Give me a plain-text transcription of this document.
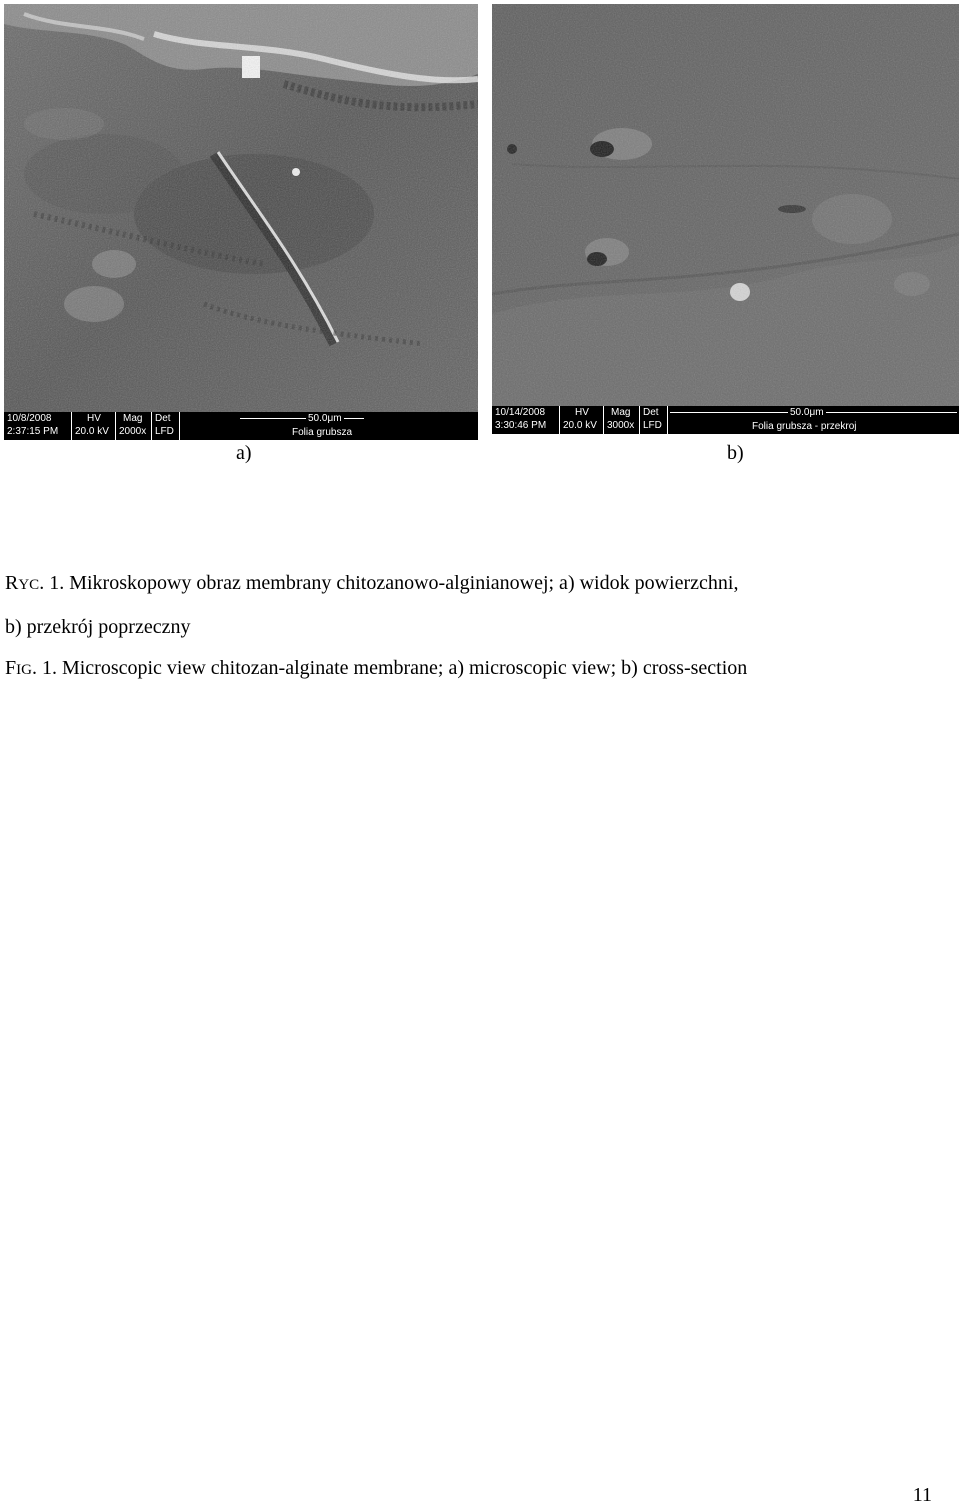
10/8/2008
2:37:15 PM
HV
20.0 kV
Mag
2000x
Det
LFD
50.0μm
Folia grubsza
10/14/2008
3:30:46 PM
HV
20.0 kV
Mag
3000x
Det
LFD
50.0μm
Folia grubsza - przekroj
a)	b)
RYC. 1. Mikroskopowy obraz membrany chitozanowo-alginianowej; a) widok powierzchni,
b) przekrój poprzeczny
FIG. 1. Microscopic view chitozan-alginate membrane; a) microscopic view; b) cross-section
11
